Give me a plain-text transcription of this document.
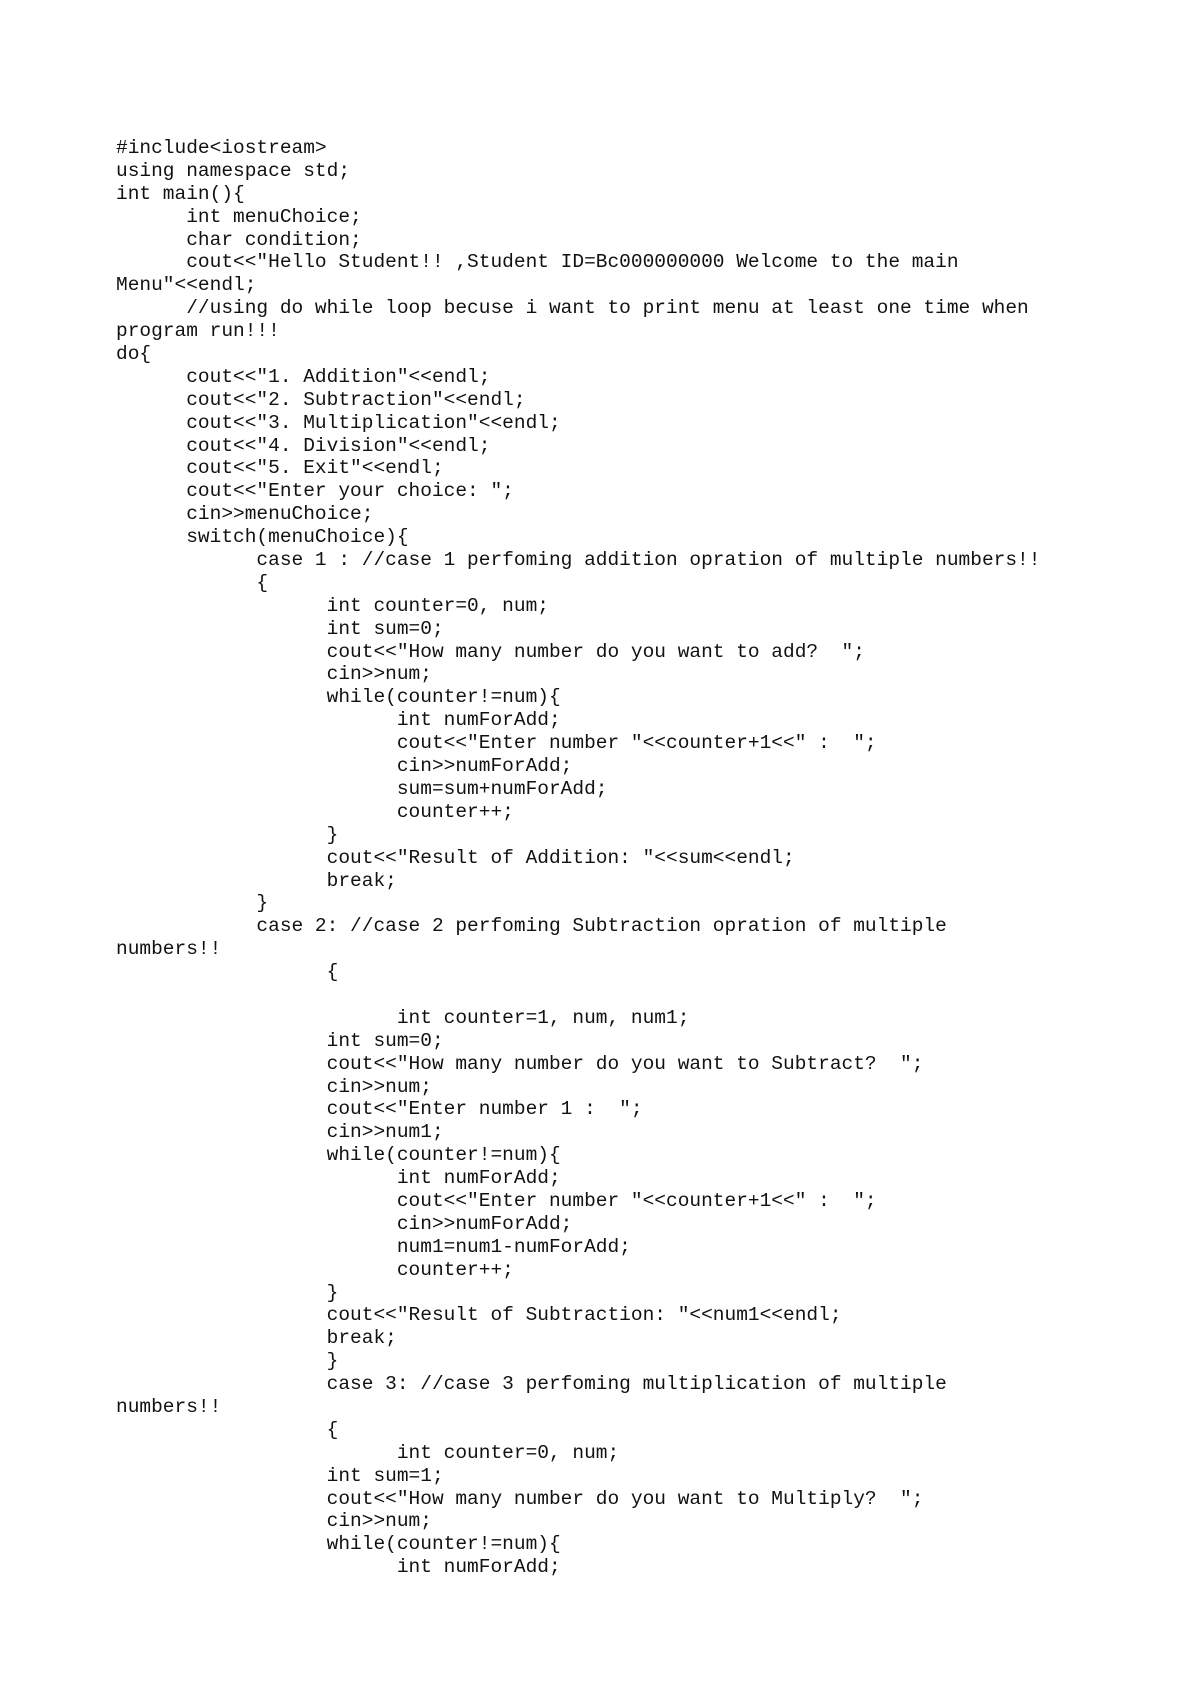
#include<iostream>
using namespace std;
int main(){
int menuChoice;
char condition;
cout<<"Hello Student!! ,Student ID=Bc000000000 Welcome to the main
Menu"<<endl;
//using do while loop becuse i want to print menu at least one time when
program run!!!
do{
cout<<"1. Addition"<<endl;
cout<<"2. Subtraction"<<endl;
cout<<"3. Multiplication"<<endl;
cout<<"4. Division"<<endl;
cout<<"5. Exit"<<endl;
cout<<"Enter your choice: ";
cin>>menuChoice;
switch(menuChoice){
case 1 : //case 1 perfoming addition opration of multiple numbers!!
{
int counter=0, num;
int sum=0;
cout<<"How many number do you want to add?  ";
cin>>num;
while(counter!=num){
int numForAdd;
cout<<"Enter number "<<counter+1<<" :  ";
cin>>numForAdd;
sum=sum+numForAdd;
counter++;
}
cout<<"Result of Addition: "<<sum<<endl;
break;
}
case 2: //case 2 perfoming Subtraction opration of multiple
numbers!!
{
int counter=1, num, num1;
int sum=0;
cout<<"How many number do you want to Subtract?  ";
cin>>num;
cout<<"Enter number 1 :  ";
cin>>num1;
while(counter!=num){
int numForAdd;
cout<<"Enter number "<<counter+1<<" :  ";
cin>>numForAdd;
num1=num1-numForAdd;
counter++;
}
cout<<"Result of Subtraction: "<<num1<<endl;
break;
}
case 3: //case 3 perfoming multiplication of multiple
numbers!!
{
int counter=0, num;
int sum=1;
cout<<"How many number do you want to Multiply?  ";
cin>>num;
while(counter!=num){
int numForAdd;
